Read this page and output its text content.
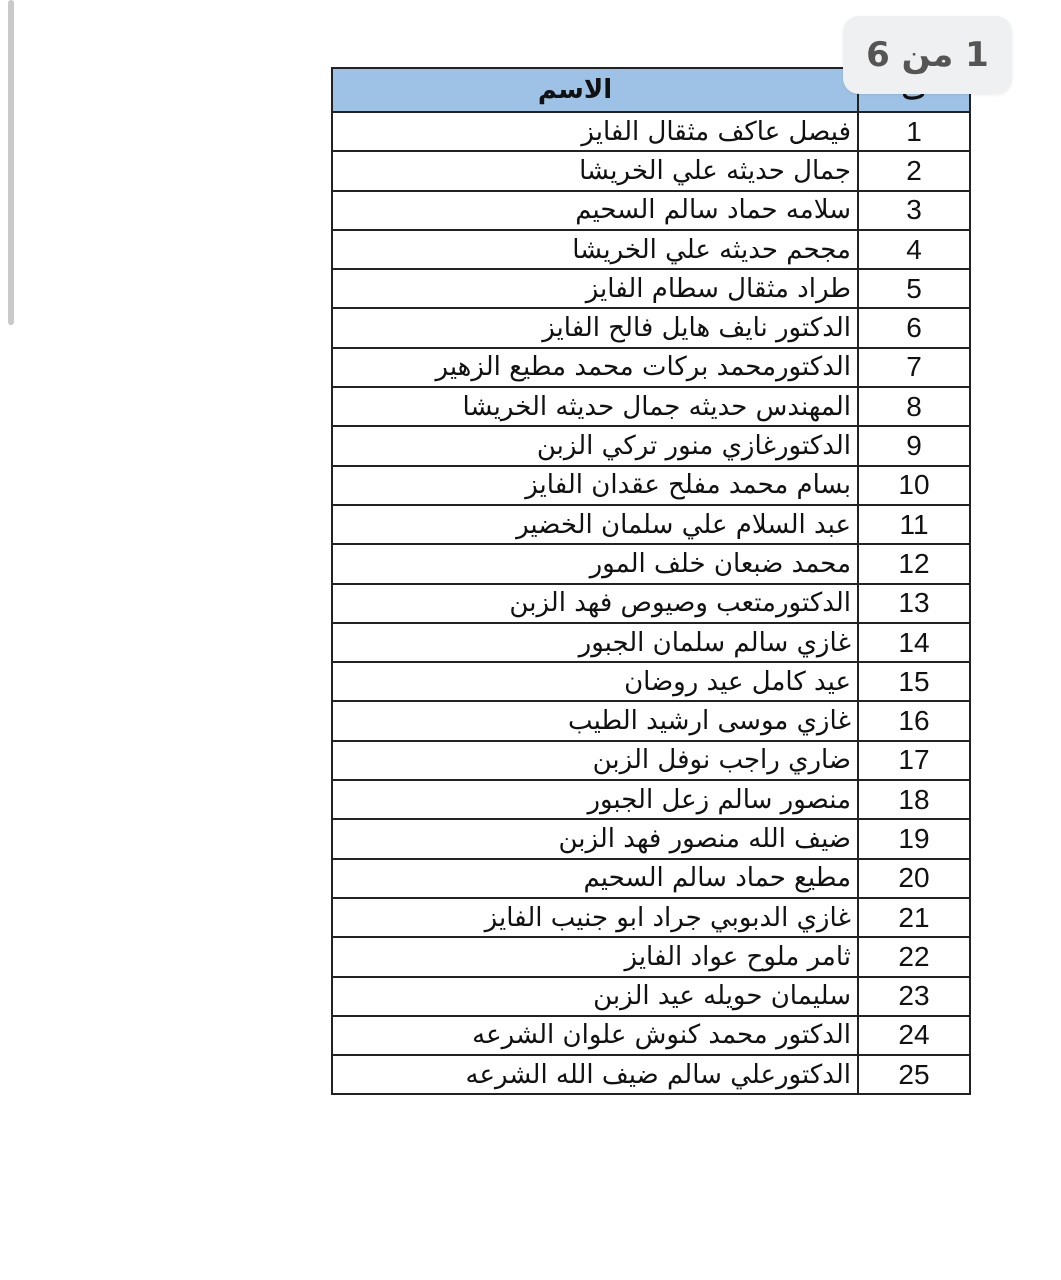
الاسم	
فيصل عاكف مثقال الفايز	1
جمال حديثه علي الخريشا	2
سلامه حماد سالم السحيم	3
مجحم حديثه علي الخريشا	4
طراد مثقال سطام الفايز	5
الدكتور نايف هايل فالح الفايز	6
الدكتورمحمد بركات محمد مطيع الزهير	7
المهندس حديثه جمال حديثه الخريشا	8
الدكتورغازي منور تركي الزبن	9
بسام محمد مفلح عقدان الفايز	10
عبد السلام علي سلمان الخضير	11
محمد ضبعان خلف المور	12
الدكتورمتعب وصيوص فهد الزبن	13
غازي سالم سلمان الجبور	14
عيد كامل عيد روضان	15
غازي موسى ارشيد الطيب	16
ضاري راجب نوفل الزبن	17
منصور سالم زعل الجبور	18
ضيف الله منصور فهد الزبن	19
مطيع حماد سالم السحيم	20
غازي الدبوبي جراد ابو جنيب الفايز	21
ثامر ملوح عواد الفايز	22
سليمان حويله عيد الزبن	23
الدكتور محمد كنوش علوان الشرعه	24
الدكتورعلي سالم ضيف الله الشرعه	25
1 من 6
